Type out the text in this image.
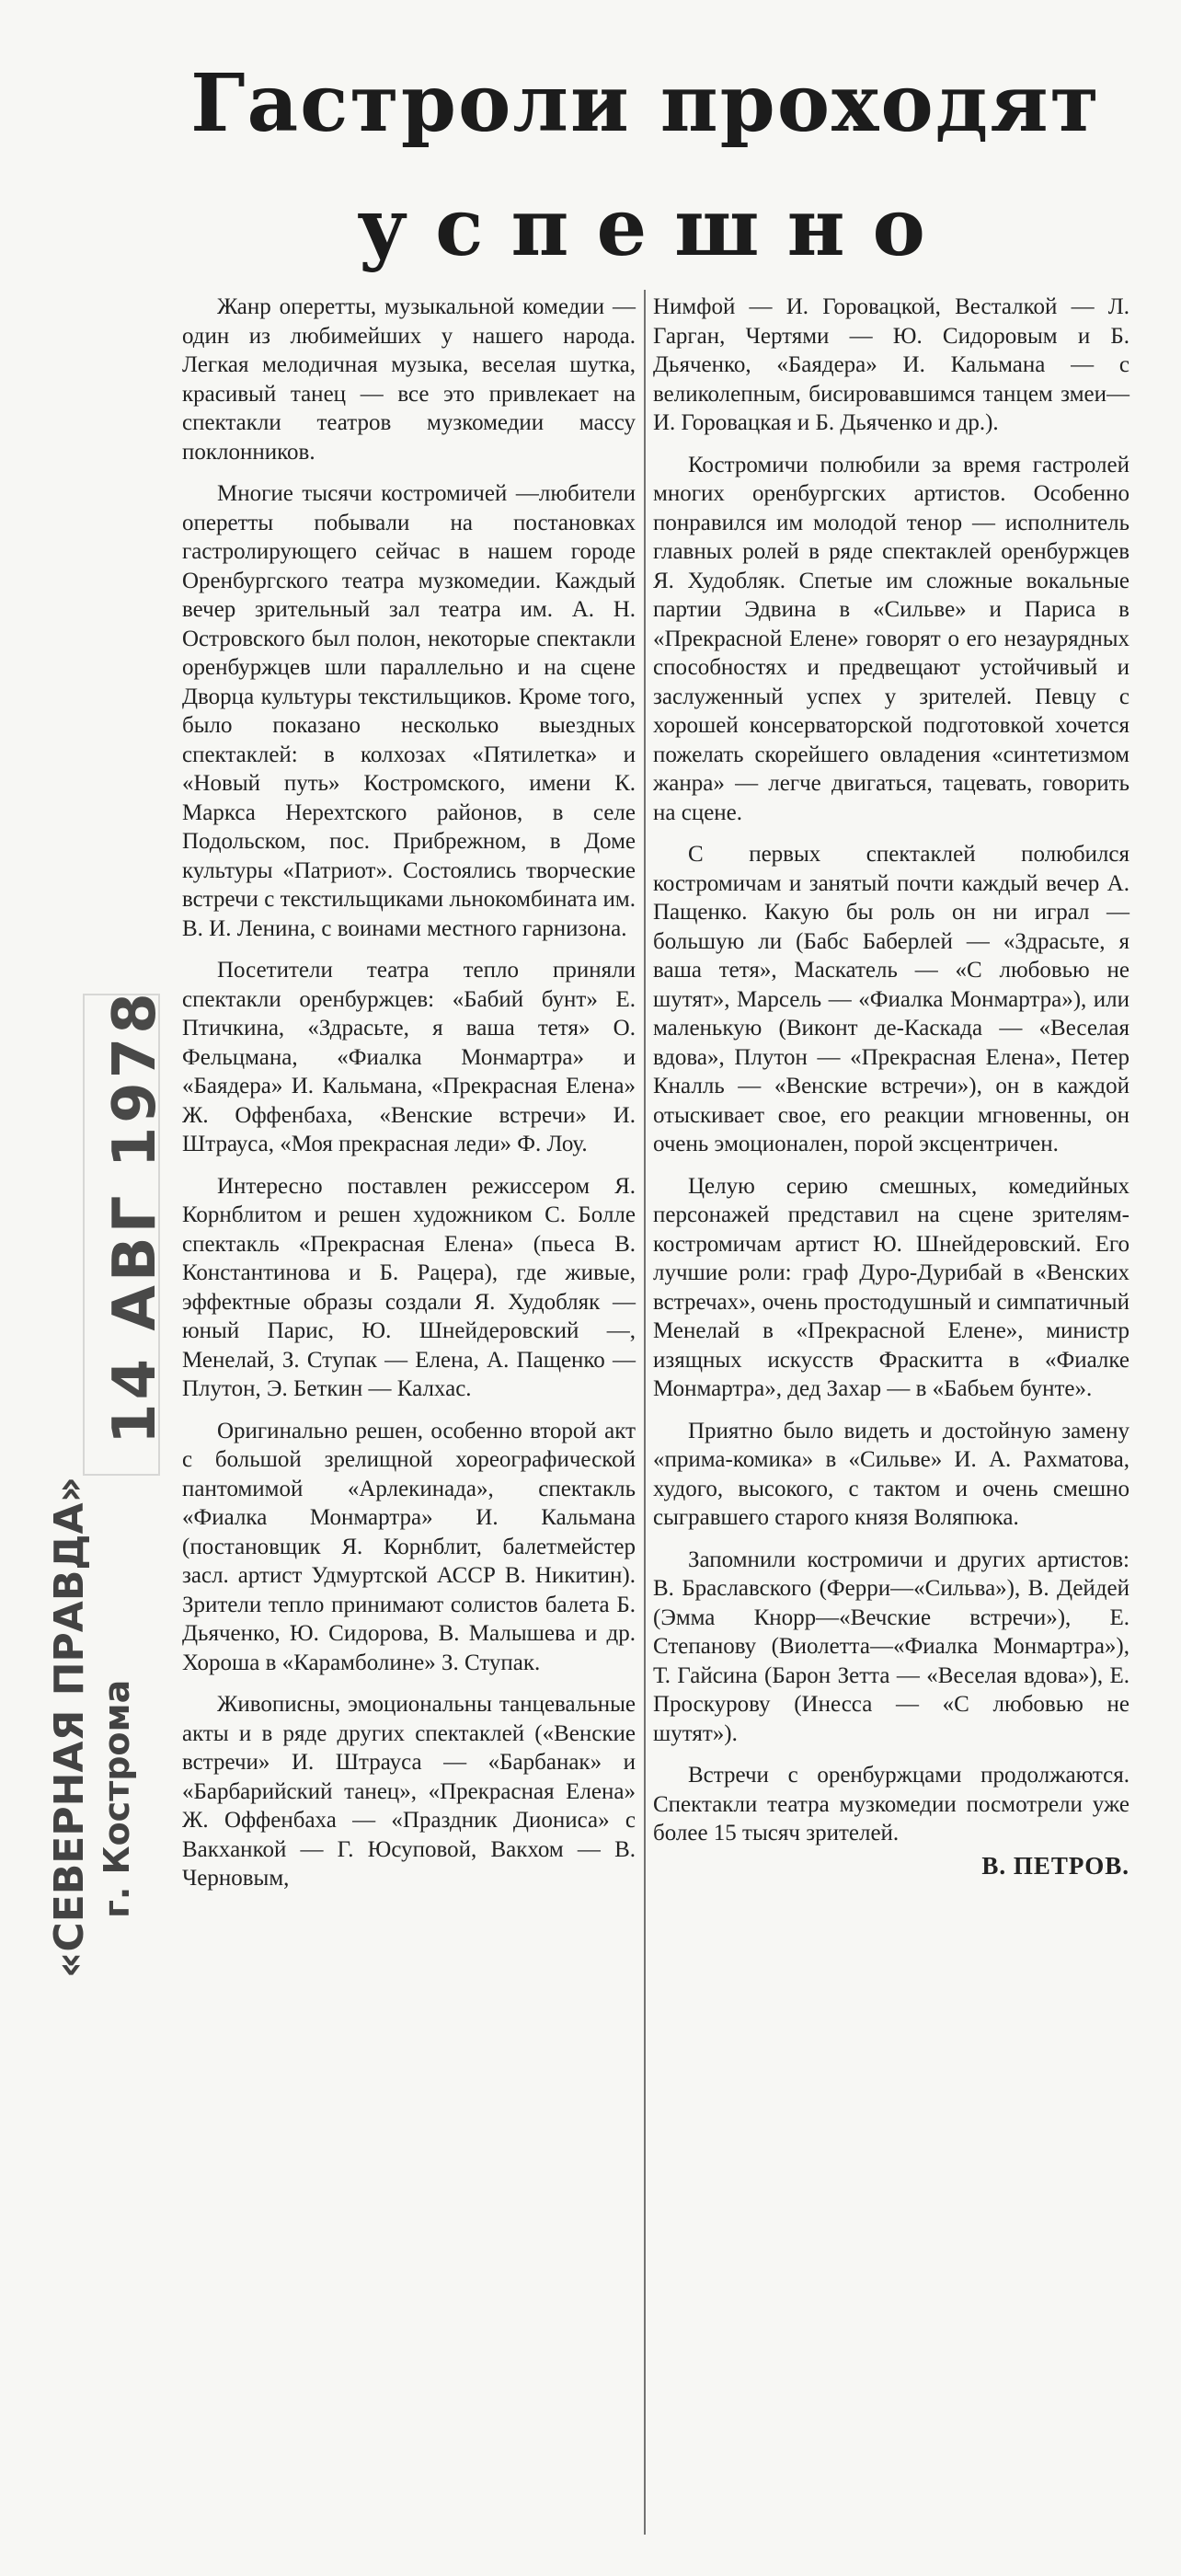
Гастроли проходят
успешно

Жанр оперетты, музыкальной комедии — один из любимейших у нашего народа. Легкая мелодичная музыка, веселая шутка, красивый танец — все это привлекает на спектакли театров музкомедии массу поклонников.

Многие тысячи костромичей —любители оперетты побывали на постановках гастролирующего сейчас в нашем городе Оренбургского театра музкомедии. Каждый вечер зрительный зал театра им. А. Н. Островского был полон, некоторые спектакли оренбуржцев шли параллельно и на сцене Дворца культуры текстильщиков. Кроме того, было показано несколько выездных спектаклей: в колхозах «Пятилетка» и «Новый путь» Костромского, имени К. Маркса Нерехтского районов, в селе Подольском, пос. Прибрежном, в Доме культуры «Патриот». Состоялись творческие встречи с текстильщиками льнокомбината им. В. И. Ленина, с воинами местного гарнизона.

Посетители театра тепло приняли спектакли оренбуржцев: «Бабий бунт» Е. Птичкина, «Здрасьте, я ваша тетя» О. Фельцмана, «Фиалка Монмартра» и «Баядера» И. Кальмана, «Прекрасная Елена» Ж. Оффенбаха, «Венские встречи» И. Штрауса, «Моя прекрасная леди» Ф. Лоу.

Интересно поставлен режиссером Я. Корнблитом и решен художником С. Болле спектакль «Прекрасная Елена» (пьеса В. Константинова и Б. Рацера), где живые, эффектные образы создали Я. Худобляк — юный Парис, Ю. Шнейдеровский —, Менелай, З. Ступак — Елена, А. Пащенко — Плутон, Э. Беткин — Калхас.

Оригинально решен, особенно второй акт с большой зрелищной хореографической пантомимой «Арлекинада», спектакль «Фиалка Монмартра» И. Кальмана (постановщик Я. Корнблит, балетмейстер засл. артист Удмуртской АССР В. Никитин). Зрители тепло принимают солистов балета Б. Дьяченко, Ю. Сидорова, В. Малышева и др. Хороша в «Карамболине» З. Ступак.

Живописны, эмоциональны танцевальные акты и в ряде других спектаклей («Венские встречи» И. Штрауса — «Барбанак» и «Барбарийский танец», «Прекрасная Елена» Ж. Оффенбаха — «Праздник Диониса» с Вакханкой — Г. Юсуповой, Вакхом — В. Черновым,

Нимфой — И. Горовацкой, Весталкой — Л. Гарган, Чертями — Ю. Сидоровым и Б. Дьяченко, «Баядера» И. Кальмана — с великолепным, бисировавшимся танцем змеи—И. Горовацкая и Б. Дьяченко и др.).

Костромичи полюбили за время гастролей многих оренбургских артистов. Особенно понравился им молодой тенор — исполнитель главных ролей в ряде спектаклей оренбуржцев Я. Худобляк. Спетые им сложные вокальные партии Эдвина в «Сильве» и Париса в «Прекрасной Елене» говорят о его незаурядных способностях и предвещают устойчивый и заслуженный успех у зрителей. Певцу с хорошей консерваторской подготовкой хочется пожелать скорейшего овладения «синтетизмом жанра» — легче двигаться, тацевать, говорить на сцене.

С первых спектаклей полюбился костромичам и занятый почти каждый вечер А. Пащенко. Какую бы роль он ни играл — большую ли (Бабс Баберлей — «Здрасьте, я ваша тетя», Маскатель — «С любовью не шутят», Марсель — «Фиалка Монмартра»), или маленькую (Виконт де-Каскада — «Веселая вдова», Плутон — «Прекрасная Елена», Петер Кналль — «Венские встречи»), он в каждой отыскивает свое, его реакции мгновенны, он очень эмоционален, порой эксцентричен.

Целую серию смешных, комедийных персонажей представил на сцене зрителям-костромичам артист Ю. Шнейдеровский. Его лучшие роли: граф Дуро-Дурибай в «Венских встречах», очень простодушный и симпатичный Менелай в «Прекрасной Елене», министр изящных искусств Фраскитта в «Фиалке Монмартра», дед Захар — в «Бабьем бунте».

Приятно было видеть и достойную замену «прима-комика» в «Сильве» И. А. Рахматова, худого, высокого, с тактом и очень смешно сыгравшего старого князя Воляпюка.

Запомнили костромичи и других артистов: В. Браславского (Ферри—«Сильва»), В. Дейдей (Эмма Кнорр—«Вечские встречи»), Е. Степанову (Виолетта—«Фиалка Монмартра»), Т. Гайсина (Барон Зетта — «Веселая вдова»), Е. Проскурову (Инесса — «С любовью не шутят»).

Встречи с оренбуржцами продолжаются. Спектакли театра музкомедии посмотрели уже более 15 тысяч зрителей.

В. ПЕТРОВ.
14 АВГ 1978
«СЕВЕРНАЯ ПРАВДА» г. Кострома
